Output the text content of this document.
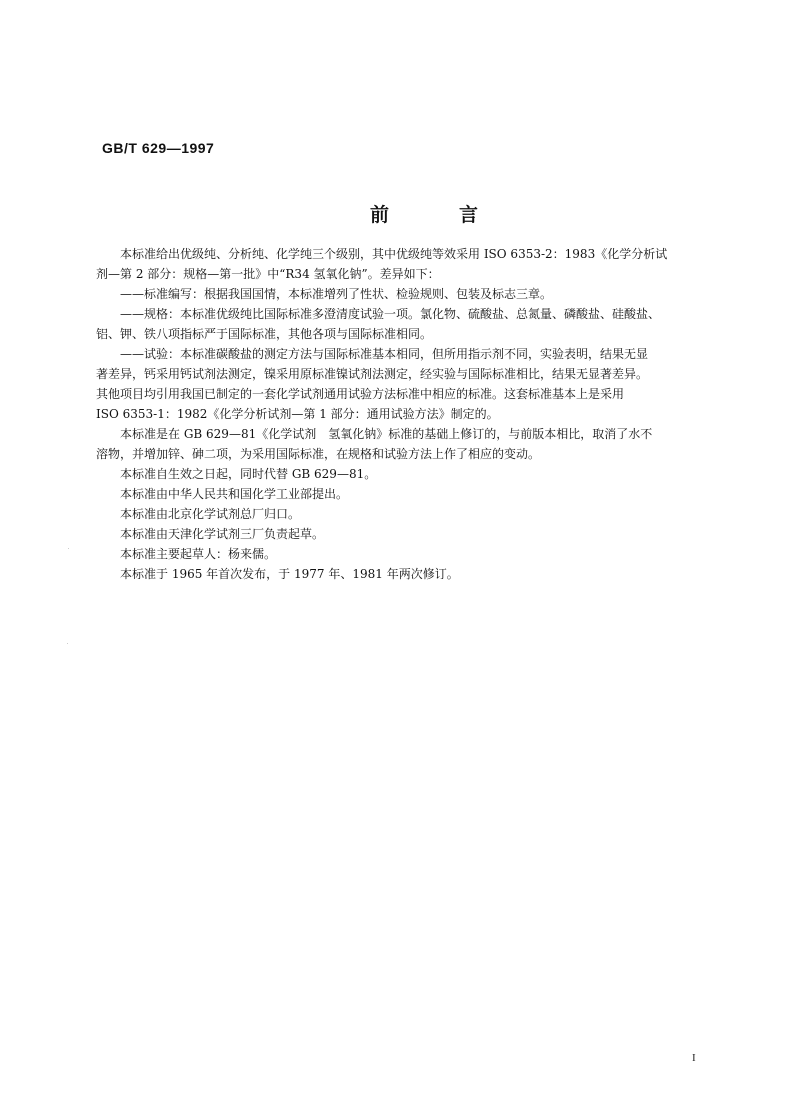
GB/T 629—1997
前言
本标准给出优级纯、分析纯、化学纯三个级别，其中优级纯等效采用 ISO 6353-2：1983《化学分析试
剂—第 2 部分：规格—第一批》中“R34 氢氧化钠”。差异如下：
——标准编写：根据我国国情，本标准增列了性状、检验规则、包装及标志三章。
——规格：本标准优级纯比国际标准多澄清度试验一项。氯化物、硫酸盐、总氮量、磷酸盐、硅酸盐、
铝、钾、铁八项指标严于国际标准，其他各项与国际标准相同。
——试验：本标准碳酸盐的测定方法与国际标准基本相同，但所用指示剂不同，实验表明，结果无显
著差异，钙采用钙试剂法测定，镍采用原标准镍试剂法测定，经实验与国际标准相比，结果无显著差异。
其他项目均引用我国已制定的一套化学试剂通用试验方法标准中相应的标准。这套标准基本上是采用
ISO 6353-1：1982《化学分析试剂—第 1 部分：通用试验方法》制定的。
本标准是在 GB 629—81《化学试剂　氢氧化钠》标准的基础上修订的，与前版本相比，取消了水不
溶物，并增加锌、砷二项，为采用国际标准，在规格和试验方法上作了相应的变动。
本标准自生效之日起，同时代替 GB 629—81。
本标准由中华人民共和国化学工业部提出。
本标准由北京化学试剂总厂归口。
本标准由天津化学试剂三厂负责起草。
本标准主要起草人：杨来儒。
本标准于 1965 年首次发布，于 1977 年、1981 年两次修订。
I
